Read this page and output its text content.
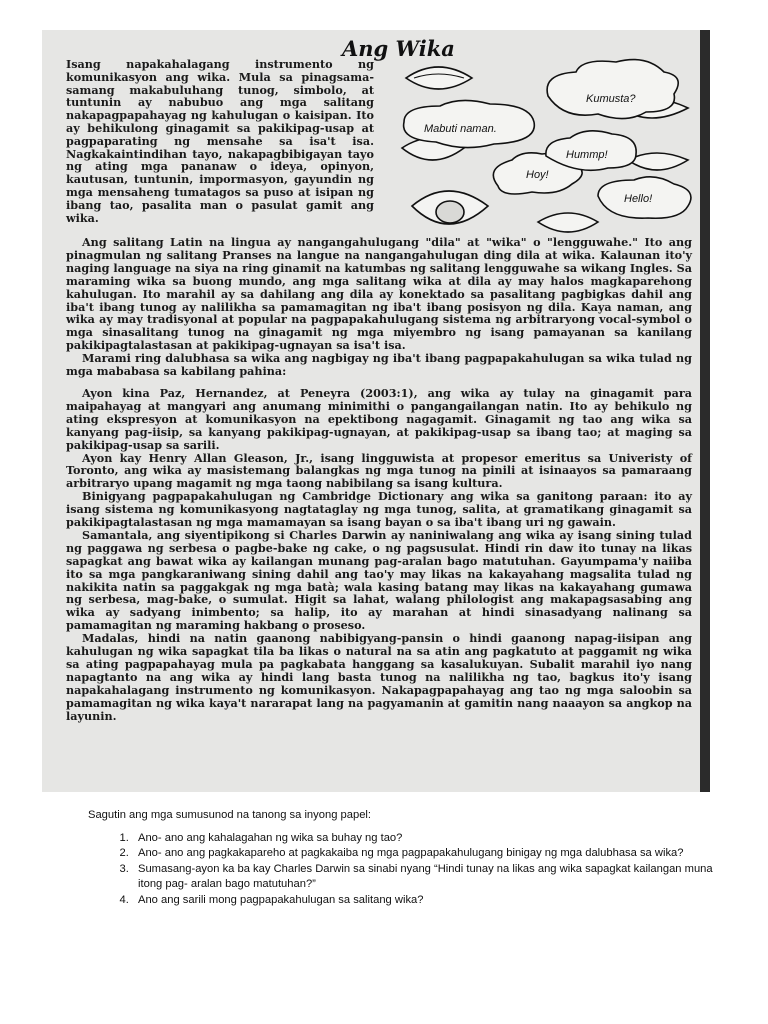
Ang Wika
Isang napakahalagang instrumento ng komunikasyon ang wika. Mula sa pinagsama-samang makabuluhang tunog, simbolo, at tuntunin ay nabubuo ang mga salitang nakapagpapahayag ng kahulugan o kaisipan. Ito ay behikulong ginagamit sa pakikipag-usap at pagpaparating ng mensahe sa isa't isa. Nagkakaintindihan tayo, nakapagbibigayan tayo ng ating mga pananaw o ideya, opinyon, kautusan, tuntunin, impormasyon, gayundin ng mga mensaheng tumatagos sa puso at isipan ng ibang tao, pasalita man o pasulat gamit ang wika.
Kumusta?
Mabuti naman.
Hummp!
Hoy!
Hello!

Ang salitang Latin na lingua ay nangangahulugang "dila" at "wika" o "lengguwahe." Ito ang pinagmulan ng salitang Pranses na langue na nangangahulugan ding dila at wika. Kalaunan ito'y naging language na siya na ring ginamit na katumbas ng salitang lengguwahe sa wikang Ingles. Sa maraming wika sa buong mundo, ang mga salitang wika at dila ay may halos magkaparehong kahulugan. Ito marahil ay sa dahilang ang dila ay konektado sa pasalitang pagbigkas dahil ang iba't ibang tunog ay nalilikha sa pamamagitan ng iba't ibang posisyon ng dila. Kaya naman, ang wika ay may tradisyonal at popular na pagpapakahulugang sistema ng arbitraryong vocal-symbol o mga sinasalitang tunog na ginagamit ng mga miyembro ng isang pamayanan sa kanilang pakikipagtalastasan at pakikipag-ugnayan sa isa't isa.

Marami ring dalubhasa sa wika ang nagbigay ng iba't ibang pagpapakahulugan sa wika tulad ng mga mababasa sa kabilang pahina:

Ayon kina Paz, Hernandez, at Peneyra (2003:1), ang wika ay tulay na ginagamit para maipahayag at mangyari ang anumang minimithi o pangangailangan natin. Ito ay behikulo ng ating ekspresyon at komunikasyon na epektibong nagagamit. Ginagamit ng tao ang wika sa kanyang pag-iisip, sa kanyang pakikipag-ugnayan, at pakikipag-usap sa ibang tao; at maging sa pakikipag-usap sa sarili.

Ayon kay Henry Allan Gleason, Jr., isang lingguwista at propesor emeritus sa Univeristy of Toronto, ang wika ay masistemang balangkas ng mga tunog na pinili at isinaayos sa pamaraang arbitraryo upang magamit ng mga taong nabibilang sa isang kultura.

Binigyang pagpapakahulugan ng Cambridge Dictionary ang wika sa ganitong paraan: ito ay isang sistema ng komunikasyong nagtataglay ng mga tunog, salita, at gramatikang ginagamit sa pakikipagtalastasan ng mga mamamayan sa isang bayan o sa iba't ibang uri ng gawain.

Samantala, ang siyentipikong si Charles Darwin ay naniniwalang ang wika ay isang sining tulad ng paggawa ng serbesa o pagbe-bake ng cake, o ng pagsusulat. Hindi rin daw ito tunay na likas sapagkat ang bawat wika ay kailangan munang pag-aralan bago matutuhan. Gayumpama'y naiiba ito sa mga pangkaraniwang sining dahil ang tao'y may likas na kakayahang magsalita tulad ng nakikita natin sa paggakgak ng mga batà; wala kasing batang may likas na kakayahang gumawa ng serbesa, mag-bake, o sumulat. Higit sa lahat, walang philologist ang makapagsasabing ang wika ay sadyang inimbento; sa halip, ito ay marahan at hindi sinasadyang nalinang sa pamamagitan ng maraming hakbang o proseso.

Madalas, hindi na natin gaanong nabibigyang-pansin o hindi gaanong napag-iisipan ang kahulugan ng wika sapagkat tila ba likas o natural na sa atin ang pagkatuto at paggamit ng wika sa ating pagpapahayag mula pa pagkabata hanggang sa kasalukuyan. Subalit marahil iyo nang napagtanto na ang wika ay hindi lang basta tunog na nalilikha ng tao, bagkus ito'y isang napakahalagang instrumento ng komunikasyon. Nakapagpapahayag ang tao ng mga saloobin sa pamamagitan ng wika kaya't nararapat lang na pagyamanin at gamitin nang naaayon sa angkop na layunin.

Sagutin ang mga sumusunod na tanong sa inyong papel:

1. Ano- ano ang kahalagahan ng wika sa buhay ng tao?
2. Ano- ano ang pagkakapareho at pagkakaiba ng mga pagpapakahulugang binigay ng mga dalubhasa sa wika?
3. Sumasang-ayon ka ba kay Charles Darwin sa sinabi nyang “Hindi tunay na likas ang wika sapagkat kailangan muna itong pag- aralan bago matutuhan?”
4. Ano ang sarili mong pagpapakahulugan sa salitang wika?
